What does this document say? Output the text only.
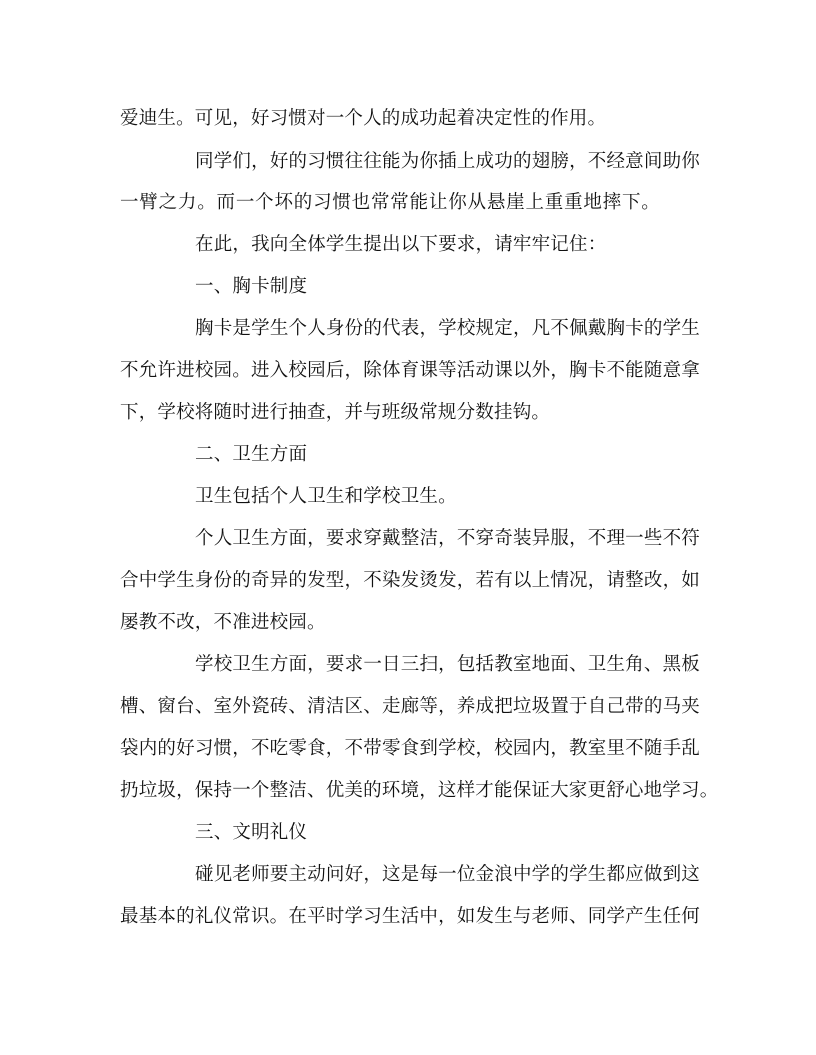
爱迪生。可见，好习惯对一个人的成功起着决定性的作用。
同学们，好的习惯往往能为你插上成功的翅膀，不经意间助你
一臂之力。而一个坏的习惯也常常能让你从悬崖上重重地摔下。
在此，我向全体学生提出以下要求，请牢牢记住：
一、胸卡制度
胸卡是学生个人身份的代表，学校规定，凡不佩戴胸卡的学生
不允许进校园。进入校园后，除体育课等活动课以外，胸卡不能随意拿
下，学校将随时进行抽查，并与班级常规分数挂钩。
二、卫生方面
卫生包括个人卫生和学校卫生。
个人卫生方面，要求穿戴整洁，不穿奇装异服，不理一些不符
合中学生身份的奇异的发型，不染发烫发，若有以上情况，请整改，如
屡教不改，不准进校园。
学校卫生方面，要求一日三扫，包括教室地面、卫生角、黑板
槽、窗台、室外瓷砖、清洁区、走廊等，养成把垃圾置于自己带的马夹
袋内的好习惯，不吃零食，不带零食到学校，校园内，教室里不随手乱
扔垃圾，保持一个整洁、优美的环境，这样才能保证大家更舒心地学习。
三、文明礼仪
碰见老师要主动问好，这是每一位金浪中学的学生都应做到这
最基本的礼仪常识。在平时学习生活中，如发生与老师、同学产生任何
